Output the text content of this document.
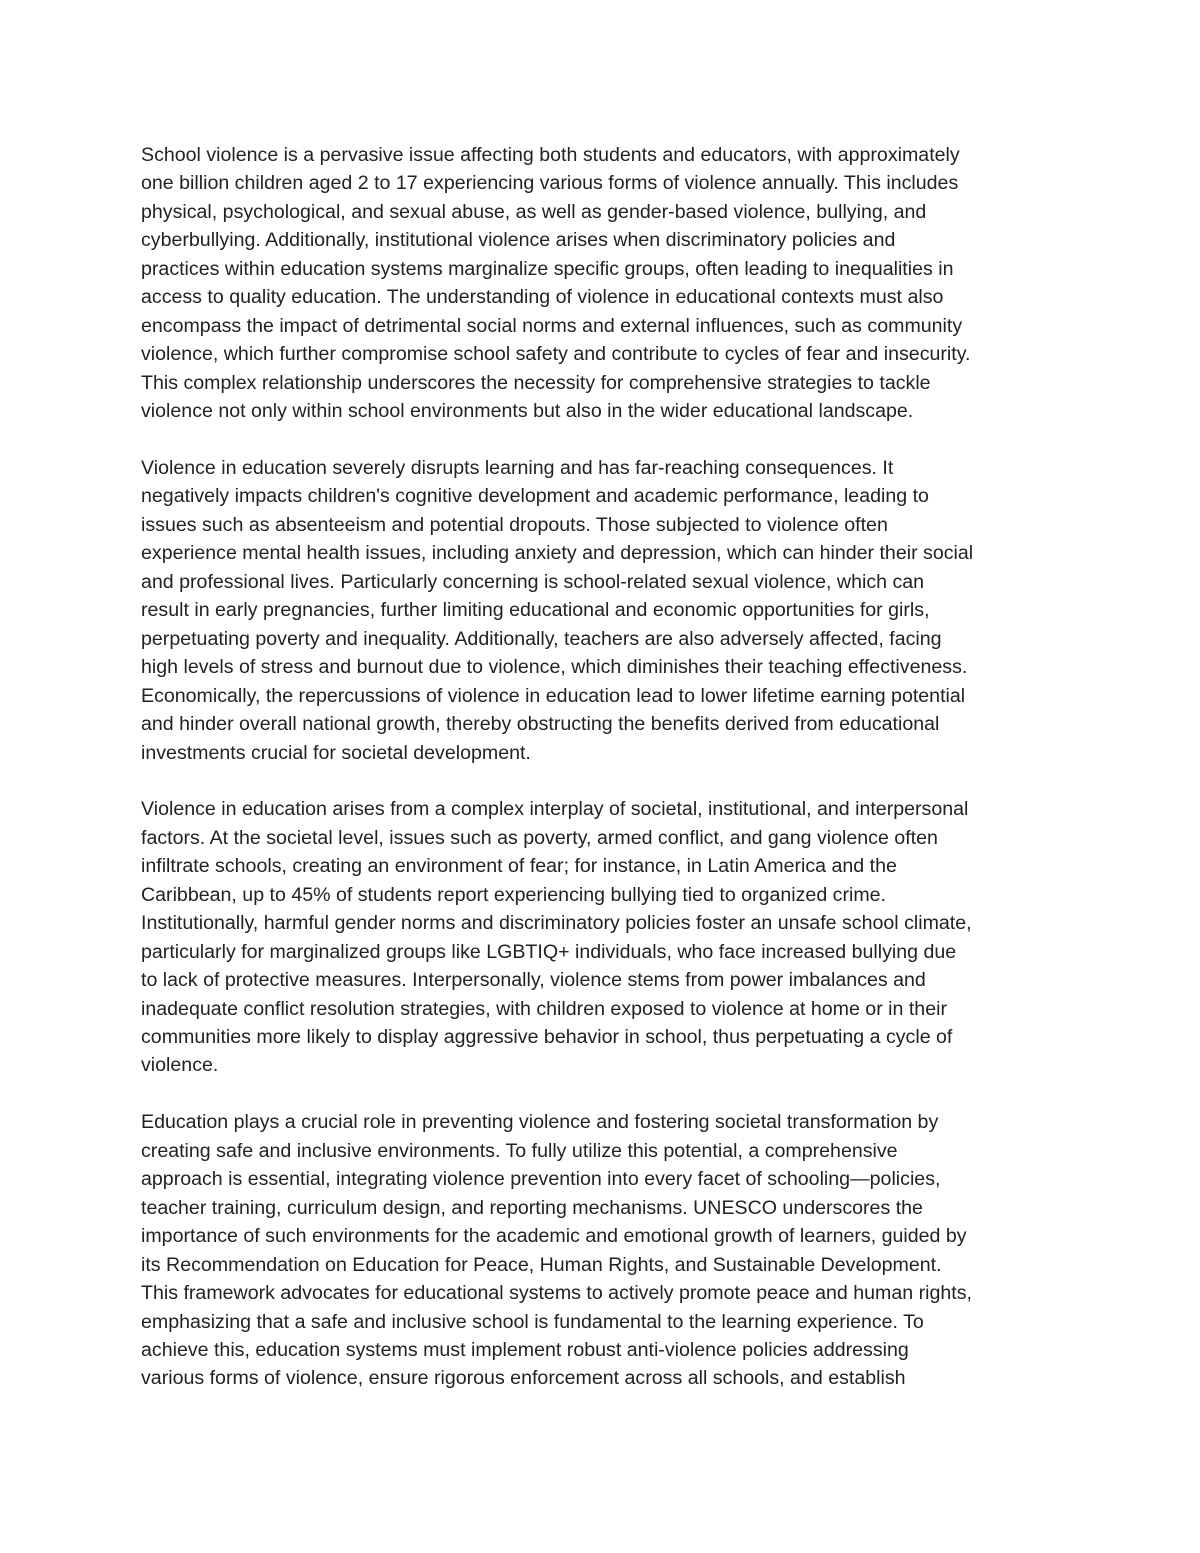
School violence is a pervasive issue affecting both students and educators, with approximately
one billion children aged 2 to 17 experiencing various forms of violence annually. This includes
physical, psychological, and sexual abuse, as well as gender-based violence, bullying, and
cyberbullying. Additionally, institutional violence arises when discriminatory policies and
practices within education systems marginalize specific groups, often leading to inequalities in
access to quality education. The understanding of violence in educational contexts must also
encompass the impact of detrimental social norms and external influences, such as community
violence, which further compromise school safety and contribute to cycles of fear and insecurity.
This complex relationship underscores the necessity for comprehensive strategies to tackle
violence not only within school environments but also in the wider educational landscape.

Violence in education severely disrupts learning and has far-reaching consequences. It
negatively impacts children's cognitive development and academic performance, leading to
issues such as absenteeism and potential dropouts. Those subjected to violence often
experience mental health issues, including anxiety and depression, which can hinder their social
and professional lives. Particularly concerning is school-related sexual violence, which can
result in early pregnancies, further limiting educational and economic opportunities for girls,
perpetuating poverty and inequality. Additionally, teachers are also adversely affected, facing
high levels of stress and burnout due to violence, which diminishes their teaching effectiveness.
Economically, the repercussions of violence in education lead to lower lifetime earning potential
and hinder overall national growth, thereby obstructing the benefits derived from educational
investments crucial for societal development.

Violence in education arises from a complex interplay of societal, institutional, and interpersonal
factors. At the societal level, issues such as poverty, armed conflict, and gang violence often
infiltrate schools, creating an environment of fear; for instance, in Latin America and the
Caribbean, up to 45% of students report experiencing bullying tied to organized crime.
Institutionally, harmful gender norms and discriminatory policies foster an unsafe school climate,
particularly for marginalized groups like LGBTIQ+ individuals, who face increased bullying due
to lack of protective measures. Interpersonally, violence stems from power imbalances and
inadequate conflict resolution strategies, with children exposed to violence at home or in their
communities more likely to display aggressive behavior in school, thus perpetuating a cycle of
violence.

Education plays a crucial role in preventing violence and fostering societal transformation by
creating safe and inclusive environments. To fully utilize this potential, a comprehensive
approach is essential, integrating violence prevention into every facet of schooling—policies,
teacher training, curriculum design, and reporting mechanisms. UNESCO underscores the
importance of such environments for the academic and emotional growth of learners, guided by
its Recommendation on Education for Peace, Human Rights, and Sustainable Development.
This framework advocates for educational systems to actively promote peace and human rights,
emphasizing that a safe and inclusive school is fundamental to the learning experience. To
achieve this, education systems must implement robust anti-violence policies addressing
various forms of violence, ensure rigorous enforcement across all schools, and establish
